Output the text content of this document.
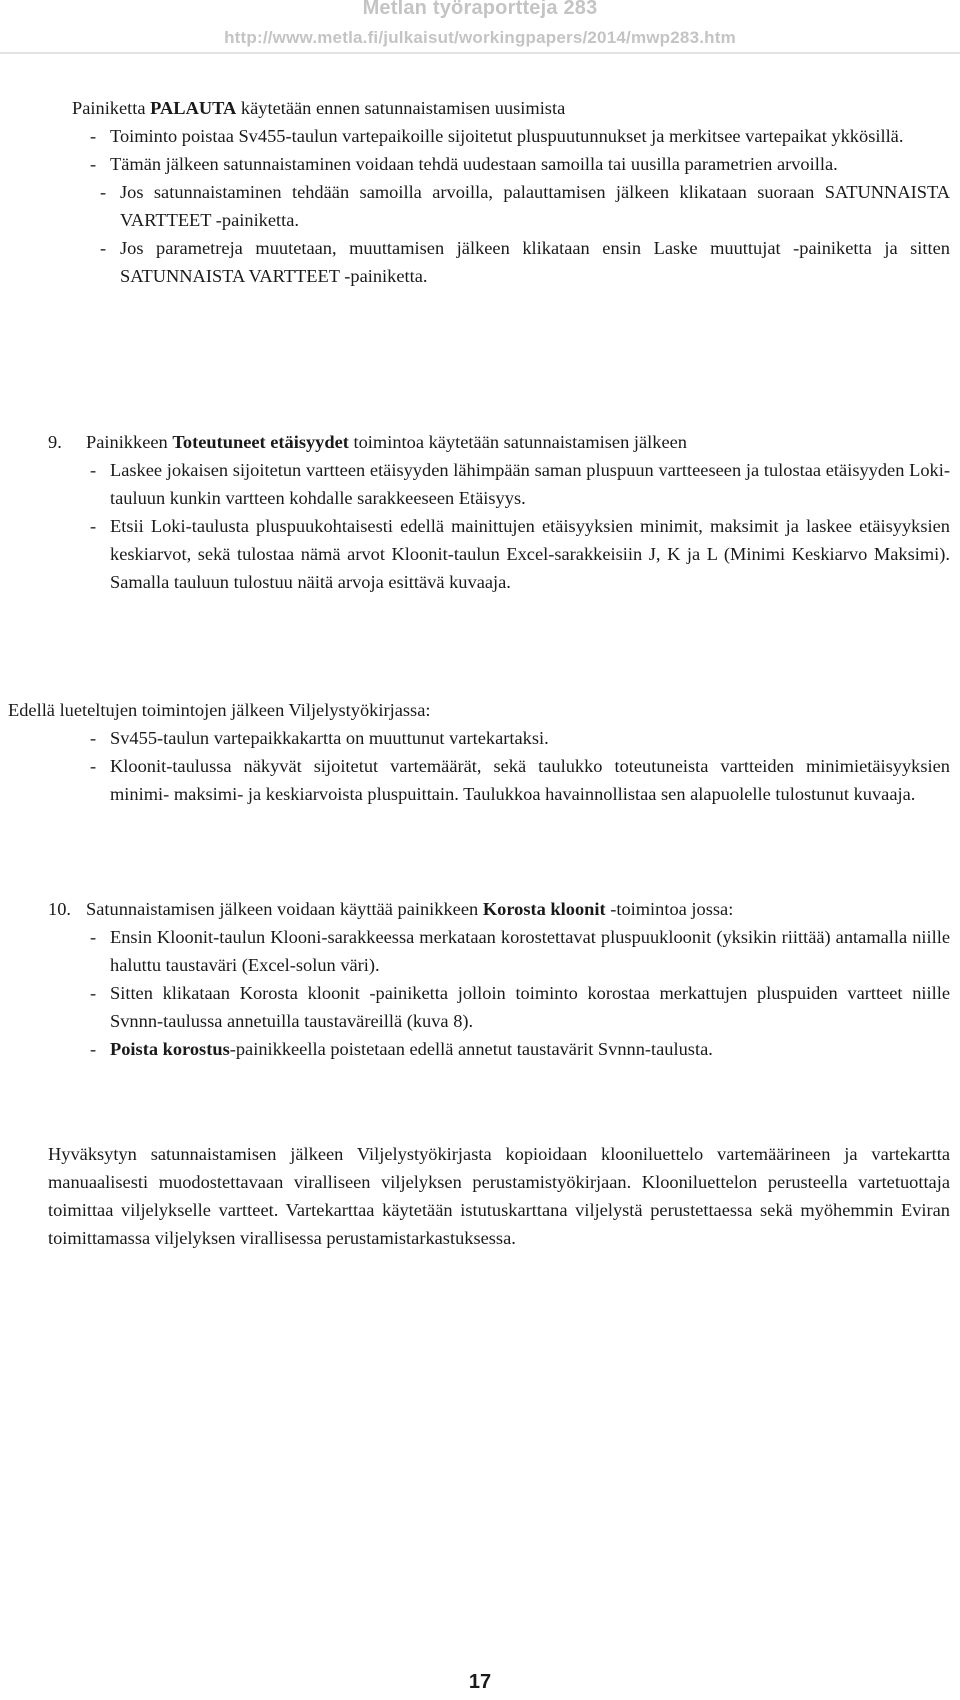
Metlan työraportteja 283
http://www.metla.fi/julkaisut/workingpapers/2014/mwp283.htm

Painiketta PALAUTA käytetään ennen satunnaistamisen uusimista

- Toiminto poistaa Sv455-taulun vartepaikoille sijoitetut pluspuutunnukset ja merkitsee vartepaikat ykkösillä.

- Tämän jälkeen satunnaistaminen voidaan tehdä uudestaan samoilla tai uusilla parametrien arvoilla.

- Jos satunnaistaminen tehdään samoilla arvoilla, palauttamisen jälkeen klikataan suoraan SATUNNAISTA VARTTEET -painiketta.

- Jos parametreja muutetaan, muuttamisen jälkeen klikataan ensin Laske muuttujat -painiketta ja sitten SATUNNAISTA VARTTEET -painiketta.

9.	Painikkeen Toteutuneet etäisyydet toimintoa käytetään satunnaistamisen jälkeen

- Laskee jokaisen sijoitetun vartteen etäisyyden lähimpään saman pluspuun vartteeseen ja tulostaa etäisyyden Loki-tauluun kunkin vartteen kohdalle sarakkeeseen Etäisyys.

- Etsii Loki-taulusta pluspuukohtaisesti edellä mainittujen etäisyyksien minimit, maksimit ja laskee etäisyyksien keskiarvot, sekä tulostaa nämä arvot Kloonit-taulun Excel-sarakkeisiin J, K ja L (Minimi Keskiarvo Maksimi). Samalla tauluun tulostuu näitä arvoja esittävä kuvaaja.

Edellä lueteltujen toimintojen jälkeen Viljelystyökirjassa:

- Sv455-taulun vartepaikkakartta on muuttunut vartekartaksi.

- Kloonit-taulussa näkyvät sijoitetut vartemäärät, sekä taulukko toteutuneista vartteiden minimietäisyyksien minimi- maksimi- ja keskiarvoista pluspuittain. Taulukkoa havainnollistaa sen alapuolelle tulostunut kuvaaja.

10. Satunnaistamisen jälkeen voidaan käyttää painikkeen Korosta kloonit -toimintoa jossa:

- Ensin Kloonit-taulun Klooni-sarakkeessa merkataan korostettavat pluspuukloonit (yksikin riittää) antamalla niille haluttu taustaväri (Excel-solun väri).

- Sitten klikataan Korosta kloonit -painiketta jolloin toiminto korostaa merkattujen pluspuiden vartteet niille Svnnn-taulussa annetuilla taustaväreillä (kuva 8).

- Poista korostus-painikkeella poistetaan edellä annetut taustavärit Svnnn-taulusta.

Hyväksytyn satunnaistamisen jälkeen Viljelystyökirjasta kopioidaan klooniluettelo vartemäärineen ja vartekartta manuaalisesti muodostettavaan viralliseen viljelyksen perustamistyökirjaan. Klooniluettelon perusteella vartetuottaja toimittaa viljelykselle vartteet. Vartekarttaa käytetään istutuskarttana viljelystä perustettaessa sekä myöhemmin Eviran toimittamassa viljelyksen virallisessa perustamistarkastuksessa.

17
